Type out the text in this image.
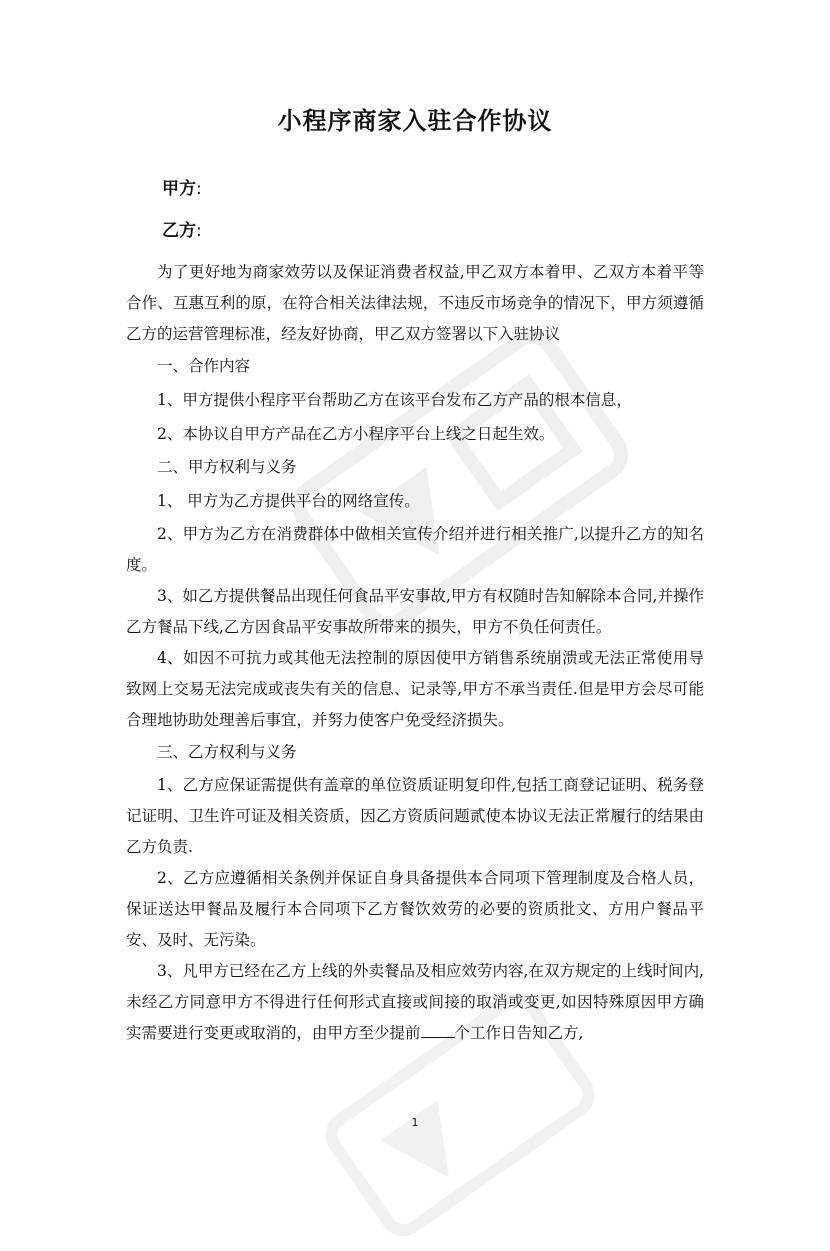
小程序商家入驻合作协议
甲方:
乙方:

为了更好地为商家效劳以及保证消费者权益,甲乙双方本着甲、乙双方本着平等合作、互惠互利的原，在符合相关法律法规，不违反市场竞争的情况下，甲方须遵循乙方的运营管理标准，经友好协商，甲乙双方签署以下入驻协议

一、合作内容

1、甲方提供小程序平台帮助乙方在该平台发布乙方产品的根本信息，

2、本协议自甲方产品在乙方小程序平台上线之日起生效。

二、甲方权利与义务

1、 甲方为乙方提供平台的网络宣传。

2、甲方为乙方在消费群体中做相关宣传介绍并进行相关推广,以提升乙方的知名度。

3、如乙方提供餐品出现任何食品平安事故,甲方有权随时告知解除本合同,并操作乙方餐品下线,乙方因食品平安事故所带来的损失，甲方不负任何责任。

4、如因不可抗力或其他无法控制的原因使甲方销售系统崩溃或无法正常使用导致网上交易无法完成或丧失有关的信息、记录等,甲方不承当责任.但是甲方会尽可能合理地协助处理善后事宜，并努力使客户免受经济损失。

三、乙方权利与义务

1、乙方应保证需提供有盖章的单位资质证明复印件,包括工商登记证明、税务登记证明、卫生许可证及相关资质，因乙方资质问题贰使本协议无法正常履行的结果由乙方负责.

2、乙方应遵循相关条例并保证自身具备提供本合同项下管理制度及合格人员，保证送达甲餐品及履行本合同项下乙方餐饮效劳的必要的资质批文、方用户餐品平安、及时、无污染。

3、凡甲方已经在乙方上线的外卖餐品及相应效劳内容,在双方规定的上线时间内,未经乙方同意甲方不得进行任何形式直接或间接的取消或变更,如因特殊原因甲方确实需要进行变更或取消的，由甲方至少提前 个工作日告知乙方,

1
